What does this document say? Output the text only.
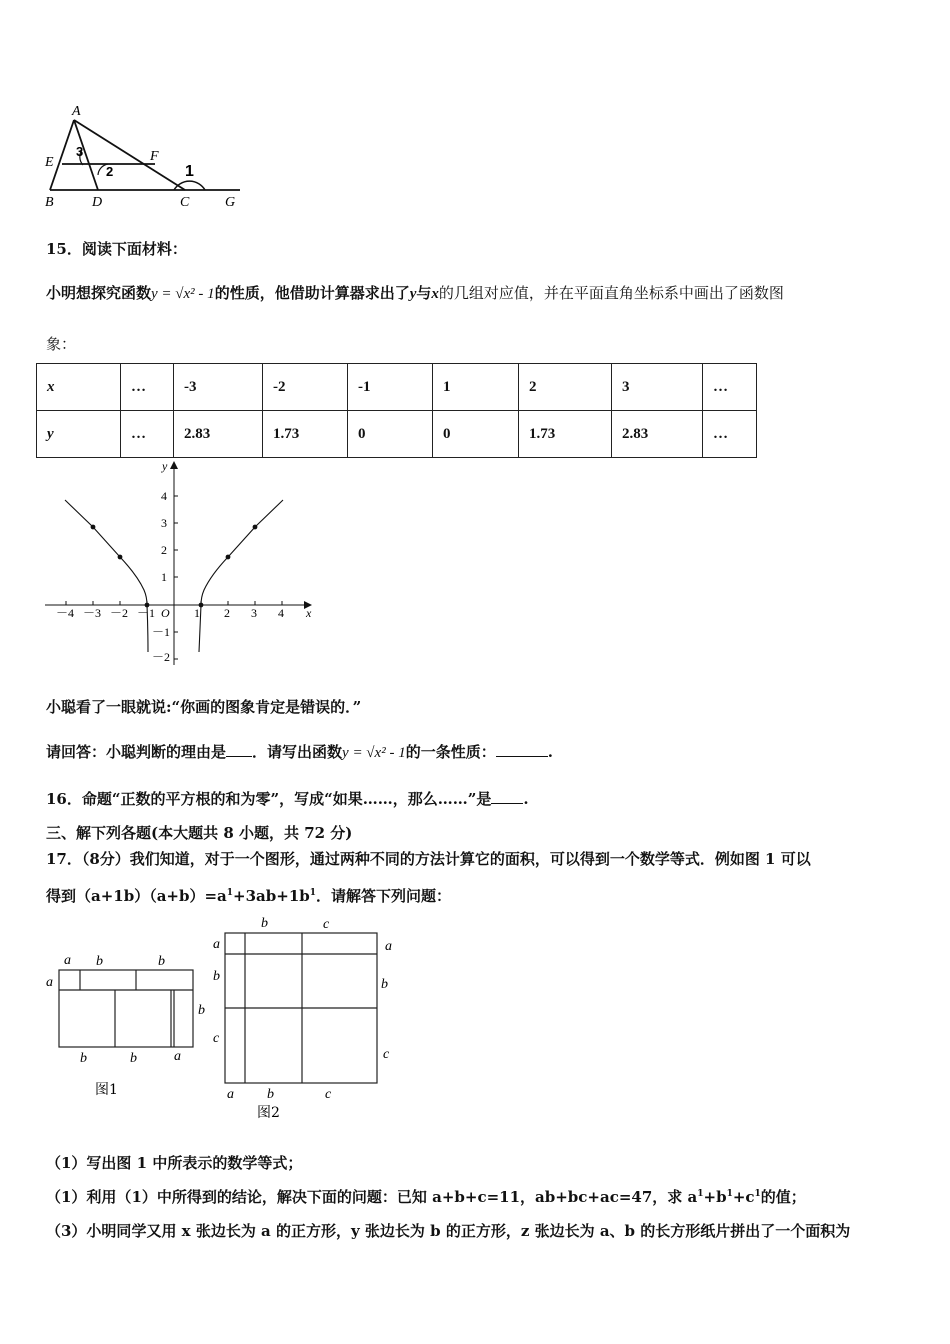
A
E	F
B	D	C	G
1
2
3
15．阅读下面材料：
小明想探究函数y = √x² - 1的性质，他借助计算器求出了y与x的几组对应值，并在平面直角坐标系中画出了函数图
象：
x	…	-3	-2	-1	1	2	3	…
y	…	2.83	1.73	0	0	1.73	2.83	…
x
y
O
－4 －3 －2 －1	1 2 3 4
4
3
2
1
－1
－2
小聪看了一眼就说:“你画的图象肯定是错误的．”
请回答：小聪判断的理由是 ．请写出函数y = √x² - 1的一条性质：	.
16．命题“正数的平方根的和为零”，写成“如果……，那么……”是 .
三、解下列各题(本大题共 8 小题，共 72 分)
17．（8分）我们知道，对于一个图形，通过两种不同的方法计算它的面积，可以得到一个数学等式．例如图 1 可以
得到$(a+1b)(a+b)=a^1+3ab+1b^1$．请解答下列问题：
a b	b
a
b
b	b	a
图1
b	c
a
b
c
a
b
c
a b	c
图2
（1）写出图 1 中所表示的数学等式；
（1）利用（1）中所得到的结论，解决下面的问题：已知 a+b+c=11，ab+bc+ac=47，求 $a^1+b^1+c^1$的值；
（3）小明同学又用 x 张边长为 a 的正方形，y 张边长为 b 的正方形，z 张边长为 a、b 的长方形纸片拼出了一个面积为
